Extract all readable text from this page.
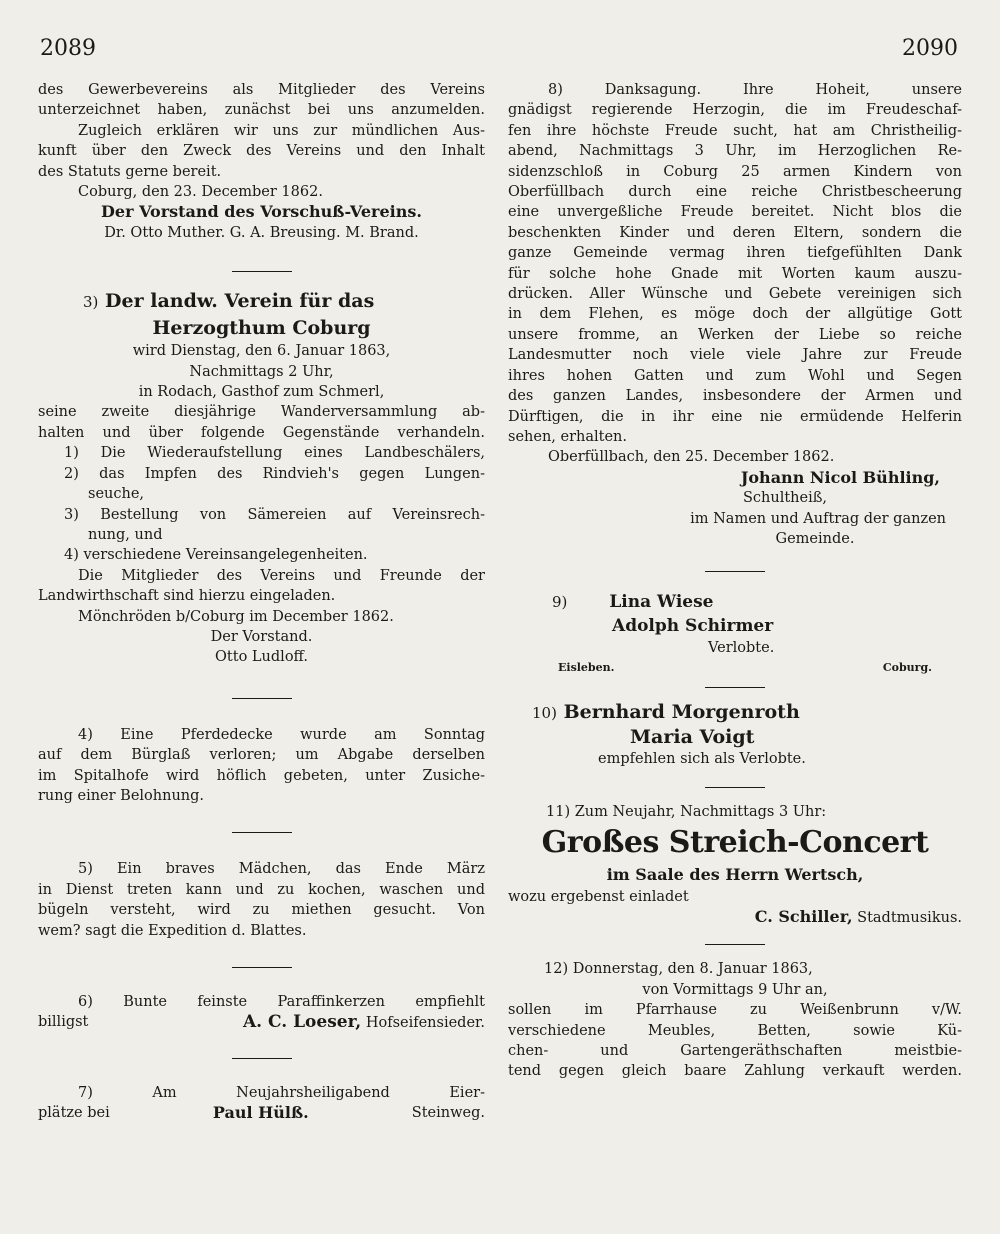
2089	2090
des Gewerbevereins als Mitglieder des Vereins
unterzeichnet haben, zunächst bei uns anzumelden.
Zugleich erklären wir uns zur mündlichen Aus-
kunft über den Zweck des Vereins und den Inhalt
des Statuts gerne bereit.
Coburg, den 23. December 1862.
Der Vorstand des Vorschuß-Vereins.
Dr. Otto Muther. G. A. Breusing. M. Brand.
3) Der landw. Verein für das
Herzogthum Coburg
wird Dienstag, den 6. Januar 1863,
Nachmittags 2 Uhr,
in Rodach, Gasthof zum Schmerl,
seine zweite diesjährige Wanderversammlung ab-
halten und über folgende Gegenstände verhandeln.
1) Die Wiederaufstellung eines Landbeschälers,
2) das Impfen des Rindvieh's gegen Lungen-
seuche,
3) Bestellung von Sämereien auf Vereinsrech-
nung, und
4) verschiedene Vereinsangelegenheiten.
Die Mitglieder des Vereins und Freunde der
Landwirthschaft sind hierzu eingeladen.
Mönchröden b/Coburg im December 1862.
Der Vorstand.
Otto Ludloff.
4) Eine Pferdedecke wurde am Sonntag
auf dem Bürglaß verloren; um Abgabe derselben
im Spitalhofe wird höflich gebeten, unter Zusiche-
rung einer Belohnung.
5) Ein braves Mädchen, das Ende März
in Dienst treten kann und zu kochen, waschen und
bügeln versteht, wird zu miethen gesucht. Von
wem? sagt die Expedition d. Blattes.
6) Bunte feinste Paraffinkerzen empfiehlt
billigst	A. C. Loeser, Hofseifensieder.
7) Am Neujahrsheiligabend Eier-
plätze bei	Paul Hülß.	Steinweg.
8) Danksagung. Ihre Hoheit, unsere
gnädigst regierende Herzogin, die im Freudeschaf-
fen ihre höchste Freude sucht, hat am Christheilig-
abend, Nachmittags 3 Uhr, im Herzoglichen Re-
sidenzschloß in Coburg 25 armen Kindern von
Oberfüllbach durch eine reiche Christbescheerung
eine unvergeßliche Freude bereitet. Nicht blos die
beschenkten Kinder und deren Eltern, sondern die
ganze Gemeinde vermag ihren tiefgefühlten Dank
für solche hohe Gnade mit Worten kaum auszu-
drücken. Aller Wünsche und Gebete vereinigen sich
in dem Flehen, es möge doch der allgütige Gott
unsere fromme, an Werken der Liebe so reiche
Landesmutter noch viele viele Jahre zur Freude
ihres hohen Gatten und zum Wohl und Segen
des ganzen Landes, insbesondere der Armen und
Dürftigen, die in ihr eine nie ermüdende Helferin
sehen, erhalten.
Oberfüllbach, den 25. December 1862.
Johann Nicol Bühling,
Schultheiß,
im Namen und Auftrag der ganzen
Gemeinde.
9) Lina Wiese
Adolph Schirmer
Verlobte.
Eisleben.	Coburg.
10) Bernhard Morgenroth
Maria Voigt
empfehlen sich als Verlobte.
11) Zum Neujahr, Nachmittags 3 Uhr:
Großes Streich-Concert
im Saale des Herrn Wertsch,
wozu ergebenst einladet
C. Schiller, Stadtmusikus.
12) Donnerstag, den 8. Januar 1863,
von Vormittags 9 Uhr an,
sollen im Pfarrhause zu Weißenbrunn v/W.
verschiedene Meubles, Betten, sowie Kü-
chen- und Gartengeräthschaften meistbie-
tend gegen gleich baare Zahlung verkauft werden.
